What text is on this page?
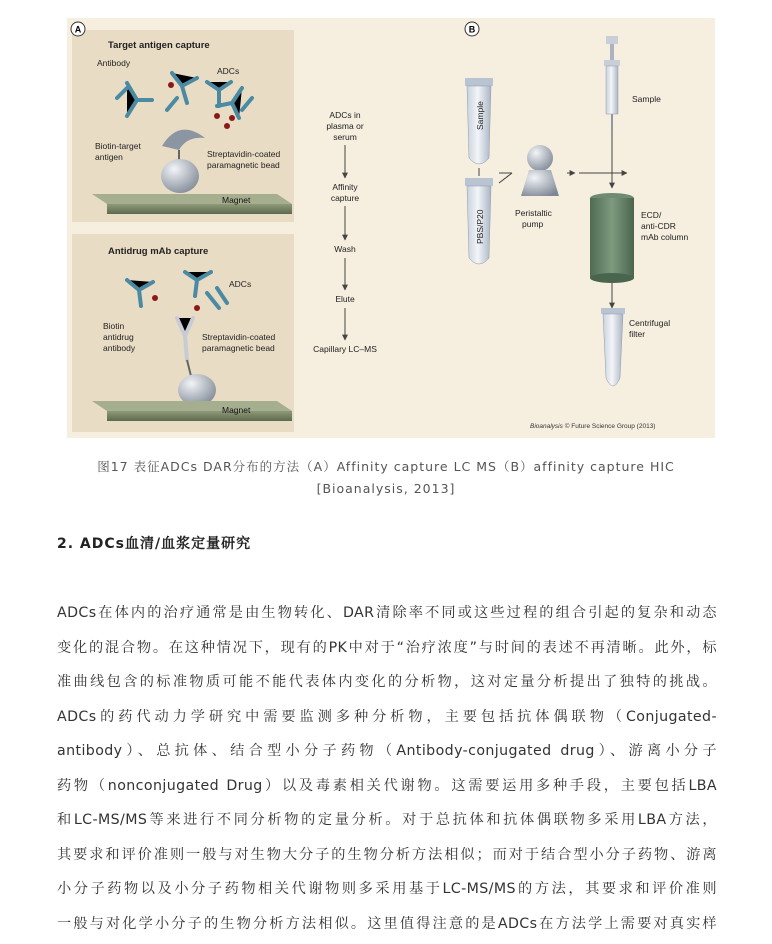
A
Target antigen capture
Antibody
ADCs
Biotin-target
antigen	Streptavidin-coated
paramagnetic bead
Magnet
Antidrug mAb capture
ADCs
Biotin
antidrug
antibody
Streptavidin-coated
paramagnetic bead
Magnet
ADCs in
plasma or
serum
Affinity
capture
Wash
Elute
Capillary LC–MS
B
Sample
PBS/P20	Peristaltic
pump
Sample
ECD/
anti-CDR
mAb column
Centrifugal
filter
Bioanalysis © Future Science Group (2013)
图17 表征ADCs DAR分布的方法（A）Affinity capture LC MS（B）affinity capture HIC
[Bioanalysis, 2013]
2. ADCs血清/血浆定量研究
ADCs在体内的治疗通常是由生物转化、DAR清除率不同或这些过程的组合引起的复杂和动态
变化的混合物。在这种情况下，现有的PK中对于“治疗浓度”与时间的表述不再清晰。此外，标
准曲线包含的标准物质可能不能代表体内变化的分析物，这对定量分析提出了独特的挑战。
ADCs的药代动力学研究中需要监测多种分析物，主要包括抗体偶联物（Conjugated-
antibody）、总抗体、结合型小分子药物（Antibody-conjugated drug）、游离小分子
药物（nonconjugated Drug）以及毒素相关代谢物。这需要运用多种手段，主要包括LBA
和LC-MS/MS等来进行不同分析物的定量分析。对于总抗体和抗体偶联物多采用LBA方法，
其要求和评价准则一般与对生物大分子的生物分析方法相似；而对于结合型小分子药物、游离
小分子药物以及小分子药物相关代谢物则多采用基于LC-MS/MS的方法，其要求和评价准则
一般与对化学小分子的生物分析方法相似。这里值得注意的是ADCs在方法学上需要对真实样
